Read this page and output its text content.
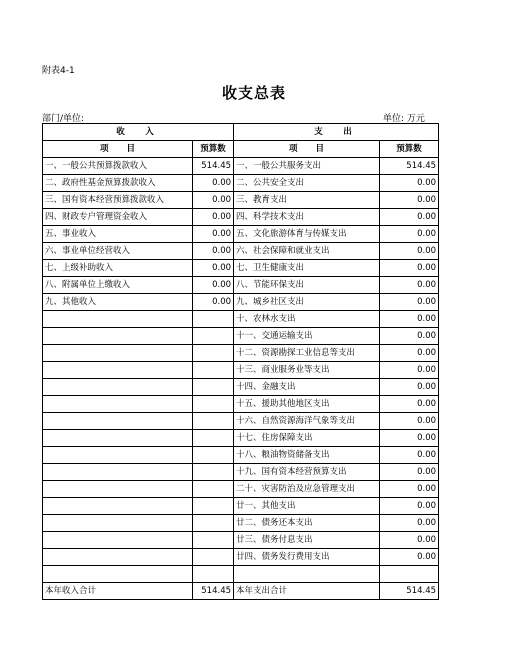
附表4-1
收支总表
部门/单位:	单位: 万元
收　入		支　出	
项 目	预算数	项 目	预算数
一、一般公共预算拨款收入	514.45	一、一般公共服务支出	514.45
二、政府性基金预算拨款收入	0.00	二、公共安全支出	0.00
三、国有资本经营预算拨款收入	0.00	三、教育支出	0.00
四、财政专户管理资金收入	0.00	四、科学技术支出	0.00
五、事业收入	0.00	五、文化旅游体育与传媒支出	0.00
六、事业单位经营收入	0.00	六、社会保障和就业支出	0.00
七、上级补助收入	0.00	七、卫生健康支出	0.00
八、附属单位上缴收入	0.00	八、节能环保支出	0.00
九、其他收入	0.00	九、城乡社区支出	0.00
		十、农林水支出	0.00
		十一、交通运输支出	0.00
		十二、资源勘探工业信息等支出	0.00
		十三、商业服务业等支出	0.00
		十四、金融支出	0.00
		十五、援助其他地区支出	0.00
		十六、自然资源海洋气象等支出	0.00
		十七、住房保障支出	0.00
		十八、粮油物资储备支出	0.00
		十九、国有资本经营预算支出	0.00
		二十、灾害防治及应急管理支出	0.00
		廿一、其他支出	0.00
		廿二、债务还本支出	0.00
		廿三、债务付息支出	0.00
		廿四、债务发行费用支出	0.00

本年收入合计	514.45	本年支出合计	514.45
